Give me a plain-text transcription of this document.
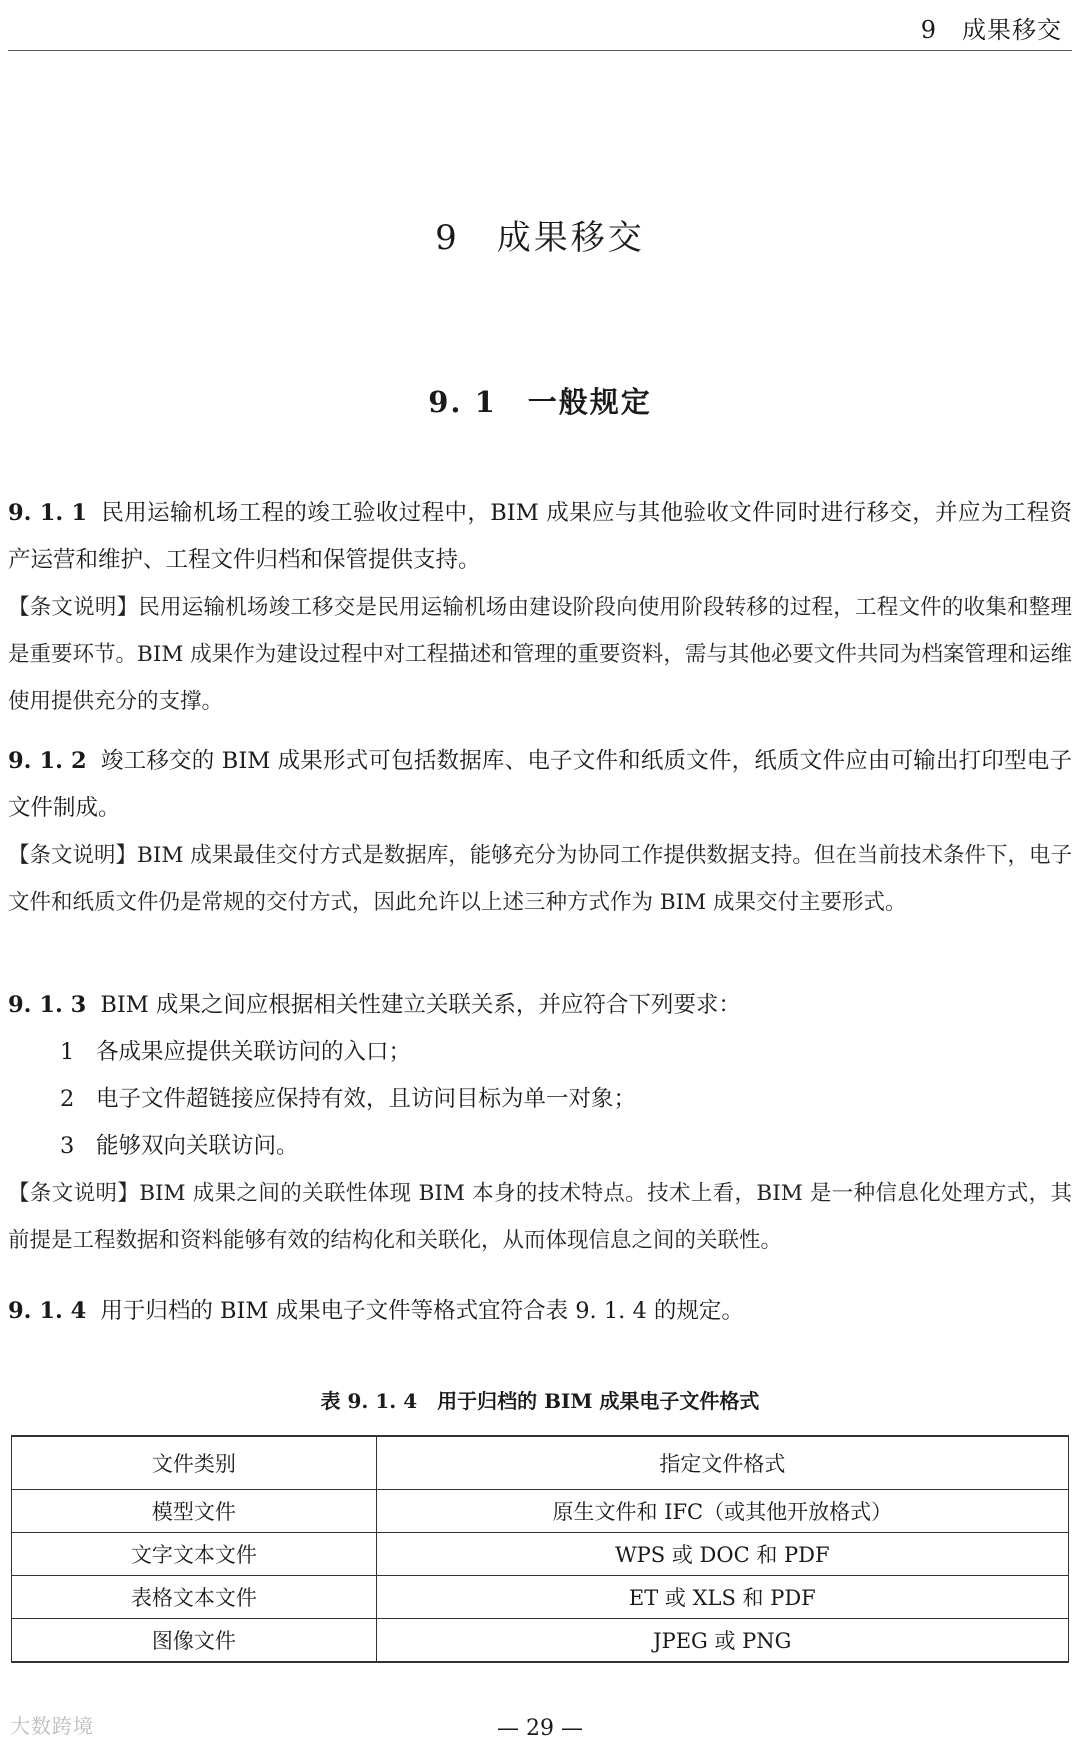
9　成果移交
9　成果移交
9. 1　一般规定
9. 1. 1 民用运输机场工程的竣工验收过程中，BIM 成果应与其他验收文件同时进行移交，并应为工程资产运营和维护、工程文件归档和保管提供支持。
【条文说明】民用运输机场竣工移交是民用运输机场由建设阶段向使用阶段转移的过程，工程文件的收集和整理是重要环节。BIM 成果作为建设过程中对工程描述和管理的重要资料，需与其他必要文件共同为档案管理和运维使用提供充分的支撑。
9. 1. 2 竣工移交的 BIM 成果形式可包括数据库、电子文件和纸质文件，纸质文件应由可输出打印型电子文件制成。
【条文说明】BIM 成果最佳交付方式是数据库，能够充分为协同工作提供数据支持。但在当前技术条件下，电子文件和纸质文件仍是常规的交付方式，因此允许以上述三种方式作为 BIM 成果交付主要形式。
9. 1. 3 BIM 成果之间应根据相关性建立关联关系，并应符合下列要求：
1 各成果应提供关联访问的入口；
2 电子文件超链接应保持有效，且访问目标为单一对象；
3 能够双向关联访问。
【条文说明】BIM 成果之间的关联性体现 BIM 本身的技术特点。技术上看，BIM 是一种信息化处理方式，其前提是工程数据和资料能够有效的结构化和关联化，从而体现信息之间的关联性。
9. 1. 4 用于归档的 BIM 成果电子文件等格式宜符合表 9. 1. 4 的规定。
表 9. 1. 4　用于归档的 BIM 成果电子文件格式
文件类别	指定文件格式
模型文件	原生文件和 IFC（或其他开放格式）
文字文本文件	WPS 或 DOC 和 PDF
表格文本文件	ET 或 XLS 和 PDF
图像文件	JPEG 或 PNG
大数跨境	— 29 —
